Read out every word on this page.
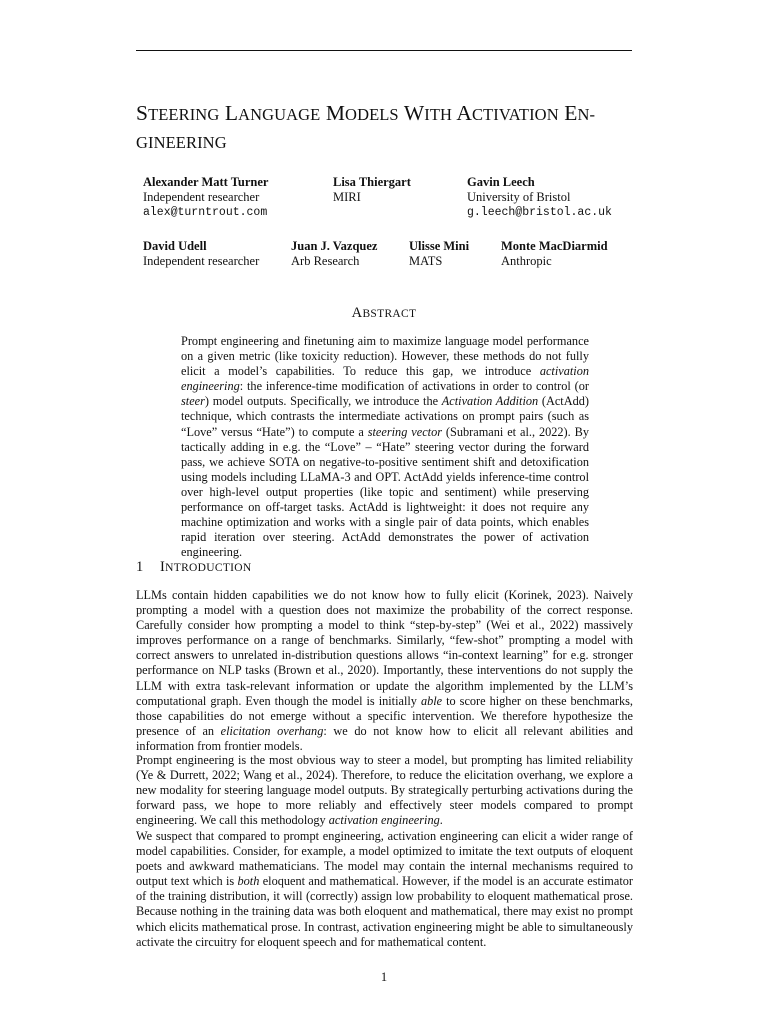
STEERING LANGUAGE MODELS WITH ACTIVATION EN-
GINEERING
Alexander Matt Turner
Independent researcher
alex@turntrout.com
Lisa Thiergart
MIRI
Gavin Leech
University of Bristol
g.leech@bristol.ac.uk
David Udell
Independent researcher
Juan J. Vazquez
Arb Research
Ulisse Mini
MATS
Monte MacDiarmid
Anthropic
ABSTRACT

Prompt engineering and finetuning aim to maximize language model performance on a given metric (like toxicity reduction). However, these methods do not fully elicit a model’s capabilities. To reduce this gap, we introduce activation engineering: the inference-time modification of activations in order to control (or steer) model outputs. Specifically, we introduce the Activation Addition (ActAdd) technique, which contrasts the intermediate activations on prompt pairs (such as “Love” versus “Hate”) to compute a steering vector (Subramani et al., 2022). By tactically adding in e.g. the “Love” – “Hate” steering vector during the forward pass, we achieve SOTA on negative-to-positive sentiment shift and detoxification using models including LLaMA-3 and OPT. ActAdd yields inference-time control over high-level output properties (like topic and sentiment) while preserving performance on off-target tasks. ActAdd is lightweight: it does not require any machine optimization and works with a single pair of data points, which enables rapid iteration over steering. ActAdd demonstrates the power of activation engineering.

1 INTRODUCTION

LLMs contain hidden capabilities we do not know how to fully elicit (Korinek, 2023). Naively prompting a model with a question does not maximize the probability of the correct response. Carefully consider how prompting a model to think “step-by-step” (Wei et al., 2022) massively improves performance on a range of benchmarks. Similarly, “few-shot” prompting a model with correct answers to unrelated in-distribution questions allows “in-context learning” for e.g. stronger performance on NLP tasks (Brown et al., 2020). Importantly, these interventions do not supply the LLM with extra task-relevant information or update the algorithm implemented by the LLM’s computational graph. Even though the model is initially able to score higher on these benchmarks, those capabilities do not emerge without a specific intervention. We therefore hypothesize the presence of an elicitation overhang: we do not know how to elicit all relevant abilities and information from frontier models.

Prompt engineering is the most obvious way to steer a model, but prompting has limited reliability (Ye & Durrett, 2022; Wang et al., 2024). Therefore, to reduce the elicitation overhang, we explore a new modality for steering language model outputs. By strategically perturbing activations during the forward pass, we hope to more reliably and effectively steer models compared to prompt engineering. We call this methodology activation engineering.

We suspect that compared to prompt engineering, activation engineering can elicit a wider range of model capabilities. Consider, for example, a model optimized to imitate the text outputs of eloquent poets and awkward mathematicians. The model may contain the internal mechanisms required to output text which is both eloquent and mathematical. However, if the model is an accurate estimator of the training distribution, it will (correctly) assign low probability to eloquent mathematical prose. Because nothing in the training data was both eloquent and mathematical, there may exist no prompt which elicits mathematical prose. In contrast, activation engineering might be able to simultaneously activate the circuitry for eloquent speech and for mathematical content.

1
